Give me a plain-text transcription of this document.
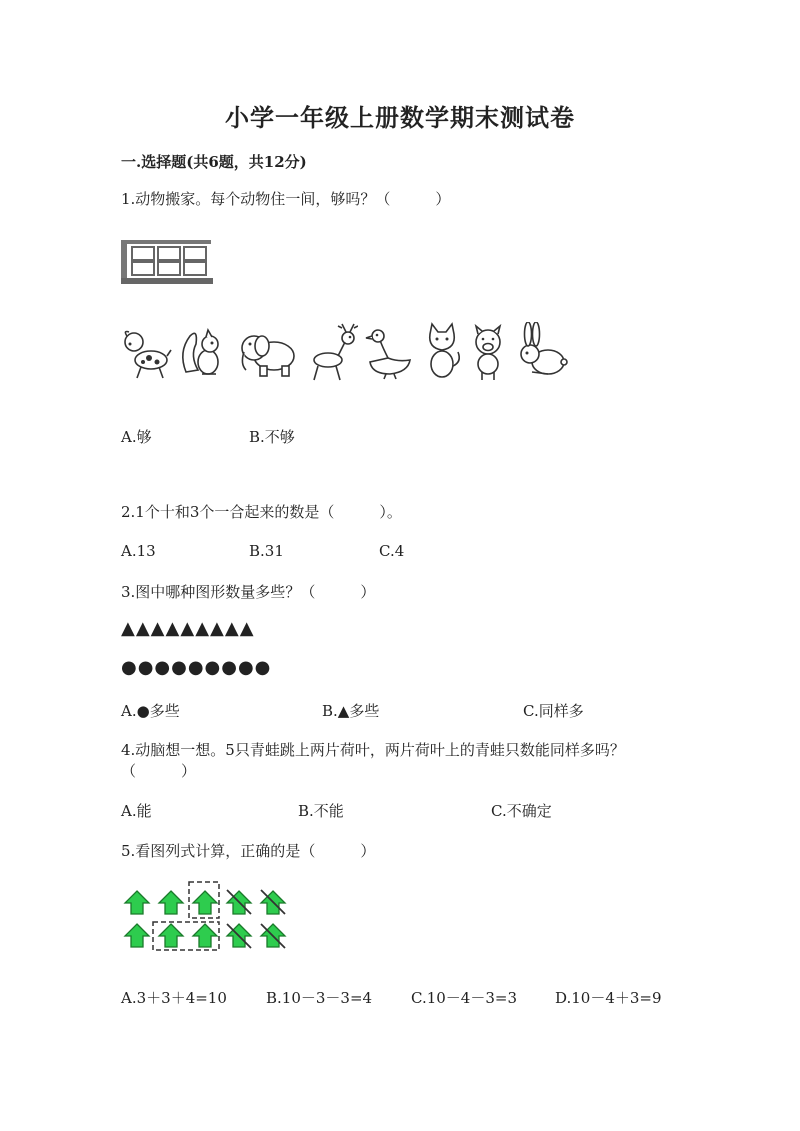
小学一年级上册数学期末测试卷
一.选择题(共6题，共12分)
1.动物搬家。每个动物住一间，够吗？（　　　）
A.够	B.不够
2.1个十和3个一合起来的数是（　　　）。
A.13	B.31	C.4
3.图中哪种图形数量多些？（　　　）
▲▲▲▲▲▲▲▲▲
●●●●●●●●●
A.●多些	B.▲多些	C.同样多
4.动脑想一想。5只青蛙跳上两片荷叶，两片荷叶上的青蛙只数能同样多吗？
（　　　）
A.能	B.不能	C.不确定
5.看图列式计算，正确的是（　　　）
A.3＋3＋4=10	B.10－3－3=4	C.10－4－3=3	D.10－4＋3=9
